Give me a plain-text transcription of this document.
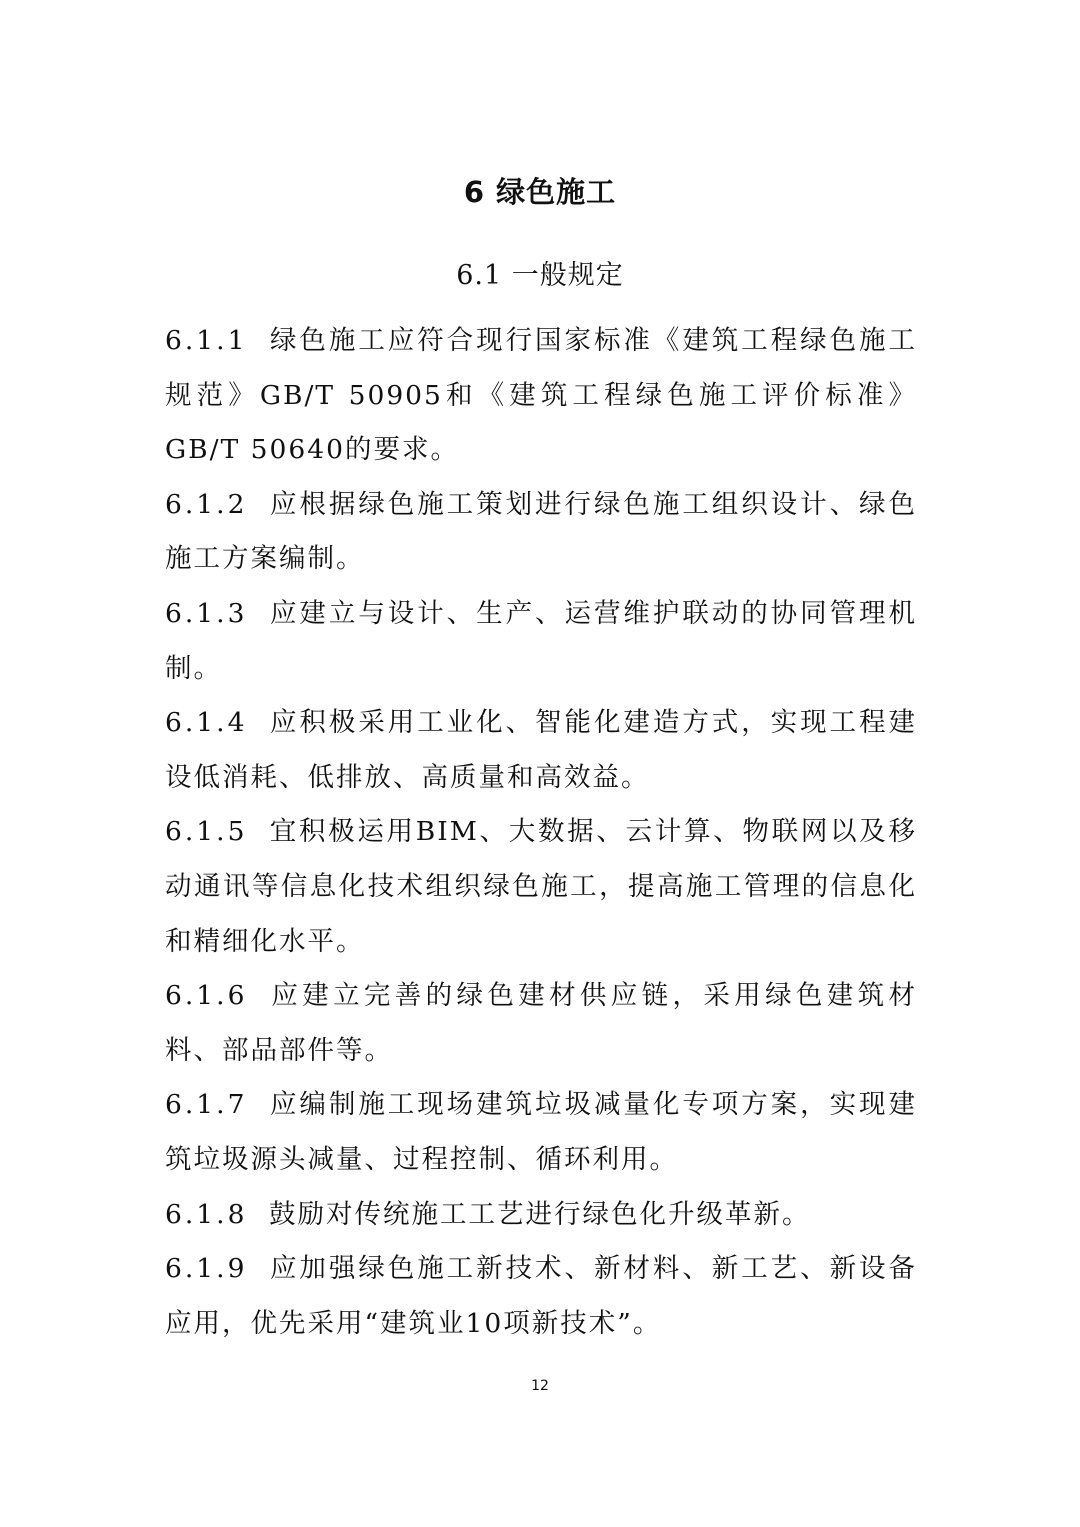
6 绿色施工
6.1 一般规定

6.1.1 绿色施工应符合现行国家标准《建筑工程绿色施工规范》GB/T 50905和《建筑工程绿色施工评价标准》GB/T 50640的要求。

6.1.2 应根据绿色施工策划进行绿色施工组织设计、绿色施工方案编制。

6.1.3 应建立与设计、生产、运营维护联动的协同管理机制。

6.1.4 应积极采用工业化、智能化建造方式，实现工程建设低消耗、低排放、高质量和高效益。

6.1.5 宜积极运用BIM、大数据、云计算、物联网以及移动通讯等信息化技术组织绿色施工，提高施工管理的信息化和精细化水平。

6.1.6 应建立完善的绿色建材供应链，采用绿色建筑材料、部品部件等。

6.1.7 应编制施工现场建筑垃圾减量化专项方案，实现建筑垃圾源头减量、过程控制、循环利用。

6.1.8 鼓励对传统施工工艺进行绿色化升级革新。

6.1.9 应加强绿色施工新技术、新材料、新工艺、新设备应用，优先采用“建筑业10项新技术”。

12
